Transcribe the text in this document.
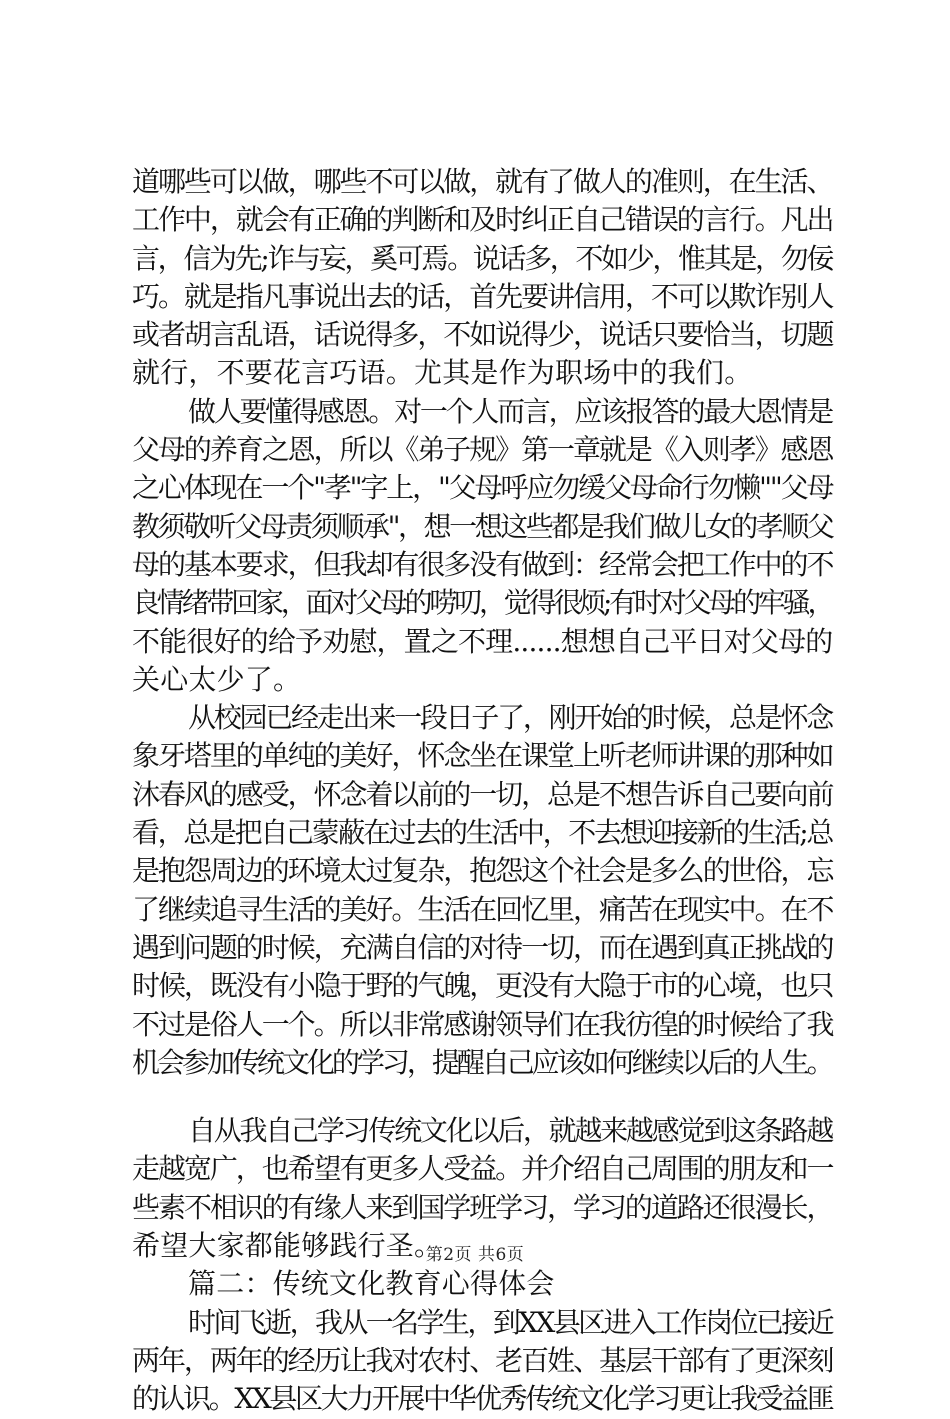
道哪些可以做，哪些不可以做，就有了做人的准则，在生活、
工作中，就会有正确的判断和及时纠正自己错误的言行。凡出
言，信为先;诈与妄，奚可焉。说话多，不如少，惟其是，勿佞
巧。就是指凡事说出去的话，首先要讲信用，不可以欺诈别人
或者胡言乱语，话说得多，不如说得少，说话只要恰当，切题
就行，不要花言巧语。尤其是作为职场中的我们。
做人要懂得感恩。对一个人而言，应该报答的最大恩情是
父母的养育之恩，所以《弟子规》第一章就是《入则孝》感恩
之心体现在一个"孝"字上，"父母呼应勿缓父母命行勿懒""父母
教须敬听父母责须顺承"，想一想这些都是我们做儿女的孝顺父
母的基本要求，但我却有很多没有做到：经常会把工作中的不
良情绪带回家，面对父母的唠叨，觉得很烦;有时对父母的牢骚，
不能很好的给予劝慰，置之不理......想想自己平日对父母的
关心太少了。
从校园已经走出来一段日子了，刚开始的时候，总是怀念
象牙塔里的单纯的美好，怀念坐在课堂上听老师讲课的那种如
沐春风的感受，怀念着以前的一切，总是不想告诉自己要向前
看，总是把自己蒙蔽在过去的生活中，不去想迎接新的生活;总
是抱怨周边的环境太过复杂，抱怨这个社会是多么的世俗，忘
了继续追寻生活的美好。生活在回忆里，痛苦在现实中。在不
遇到问题的时候，充满自信的对待一切，而在遇到真正挑战的
时候，既没有小隐于野的气魄，更没有大隐于市的心境，也只
不过是俗人一个。所以非常感谢领导们在我彷徨的时候给了我
机会参加传统文化的学习，提醒自己应该如何继续以后的人生。
自从我自己学习传统文化以后，就越来越感觉到这条路越
走越宽广，也希望有更多人受益。并介绍自己周围的朋友和一
些素不相识的有缘人来到国学班学习，学习的道路还很漫长，
希望大家都能够践行圣。
篇二：传统文化教育心得体会
时间飞逝，我从一名学生，到XX县区进入工作岗位已接近
两年，两年的经历让我对农村、老百姓、基层干部有了更深刻
的认识。XX县区大力开展中华优秀传统文化学习更让我受益匪
第2页 共6页
